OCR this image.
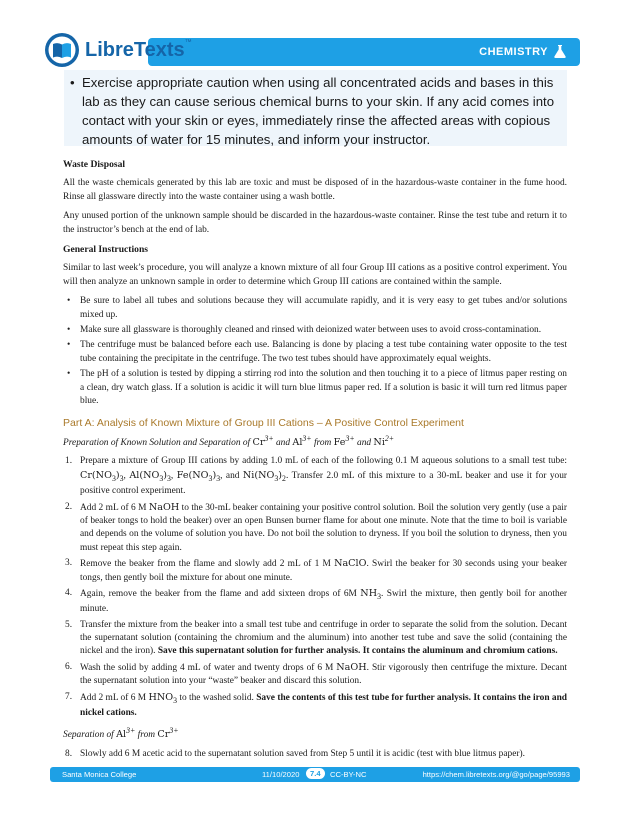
CHEMISTRY
LibreTexts™
• Exercise appropriate caution when using all concentrated acids and bases in this lab as they can cause serious chemical burns to your skin. If any acid comes into contact with your skin or eyes, immediately rinse the affected areas with copious amounts of water for 15 minutes, and inform your instructor.
Waste Disposal

All the waste chemicals generated by this lab are toxic and must be disposed of in the hazardous-waste container in the fume hood. Rinse all glassware directly into the waste container using a wash bottle.

Any unused portion of the unknown sample should be discarded in the hazardous-waste container. Rinse the test tube and return it to the instructor’s bench at the end of lab.

General Instructions

Similar to last week’s procedure, you will analyze a known mixture of all four Group III cations as a positive control experiment. You will then analyze an unknown sample in order to determine which Group III cations are contained within the sample.

• Be sure to label all tubes and solutions because they will accumulate rapidly, and it is very easy to get tubes and/or solutions mixed up.
• Make sure all glassware is thoroughly cleaned and rinsed with deionized water between uses to avoid cross-contamination.
• The centrifuge must be balanced before each use. Balancing is done by placing a test tube containing water opposite to the test tube containing the precipitate in the centrifuge. The two test tubes should have approximately equal weights.
• The pH of a solution is tested by dipping a stirring rod into the solution and then touching it to a piece of litmus paper resting on a clean, dry watch glass. If a solution is acidic it will turn blue litmus paper red. If a solution is basic it will turn red litmus paper blue.
Part A: Analysis of Known Mixture of Group III Cations – A Positive Control Experiment
Preparation of Known Solution and Separation of $Cr^{3+}$ and $Al^{3+}$ from $Fe^{3+}$ and $Ni^{2+}$
1. Prepare a mixture of Group III cations by adding 1.0 mL of each of the following 0.1 M aqueous solutions to a small test tube: $Cr(NO_3)_3$, $Al(NO_3)_3$, $Fe(NO_3)_3$, and $Ni(NO_3)_2$. Transfer 2.0 mL of this mixture to a 30-mL beaker and use it for your positive control experiment.
2. Add 2 mL of 6 M NaOH to the 30-mL beaker containing your positive control solution. Boil the solution very gently (use a pair of beaker tongs to hold the beaker) over an open Bunsen burner flame for about one minute. Note that the time to boil is variable and depends on the volume of solution you have. Do not boil the solution to dryness. If you boil the solution to dryness, then you must repeat this step again.
3. Remove the beaker from the flame and slowly add 2 mL of 1 M NaClO. Swirl the beaker for 30 seconds using your beaker tongs, then gently boil the mixture for about one minute.
4. Again, remove the beaker from the flame and add sixteen drops of 6M $NH_3$. Swirl the mixture, then gently boil for another minute.
5. Transfer the mixture from the beaker into a small test tube and centrifuge in order to separate the solid from the solution. Decant the supernatant solution (containing the chromium and the aluminum) into another test tube and save the solid (containing the nickel and the iron). Save this supernatant solution for further analysis. It contains the aluminum and chromium cations.
6. Wash the solid by adding 4 mL of water and twenty drops of 6 M NaOH. Stir vigorously then centrifuge the mixture. Decant the supernatant solution into your “waste” beaker and discard this solution.
7. Add 2 mL of 6 M $HNO_3$ to the washed solid. Save the contents of this test tube for further analysis. It contains the iron and nickel cations.
Separation of $Al^{3+}$ from $Cr^{3+}$
8. Slowly add 6 M acetic acid to the supernatant solution saved from Step 5 until it is acidic (test with blue litmus paper).
Santa Monica College	11/10/2020	7.4	CC-BY-NC	https://chem.libretexts.org/@go/page/95993
